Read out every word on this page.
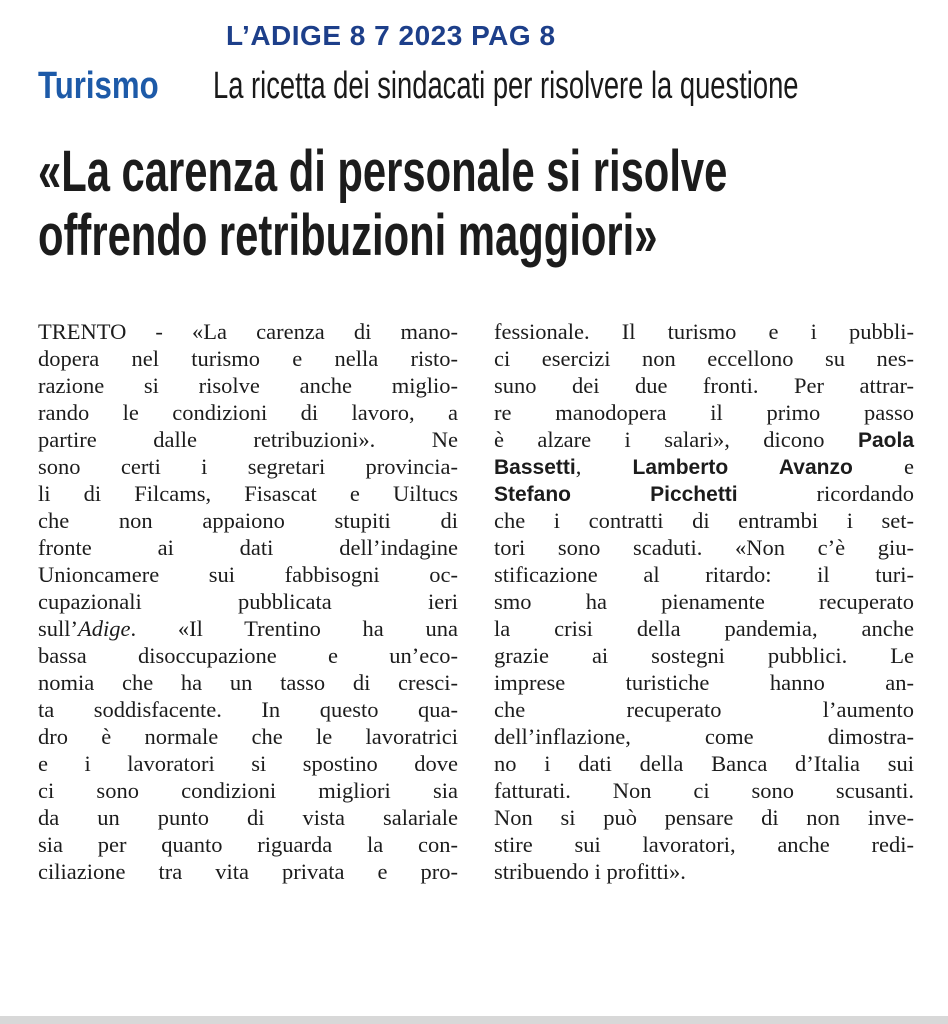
L’ADIGE 8 7 2023 PAG 8
Turismo La ricetta dei sindacati per risolvere la questione
«La carenza di personale si risolve
offrendo retribuzioni maggiori»
TRENTO - «La carenza di mano-
dopera nel turismo e nella risto-
razione si risolve anche miglio-
rando le condizioni di lavoro, a
partire dalle retribuzioni». Ne
sono certi i segretari provincia-
li di Filcams, Fisascat e Uiltucs
che non appaiono stupiti di
fronte ai dati dell’indagine
Unioncamere sui fabbisogni oc-
cupazionali pubblicata ieri
sull’Adige. «Il Trentino ha una
bassa disoccupazione e un’eco-
nomia che ha un tasso di cresci-
ta soddisfacente. In questo qua-
dro è normale che le lavoratrici
e i lavoratori si spostino dove
ci sono condizioni migliori sia
da un punto di vista salariale
sia per quanto riguarda la con-
ciliazione tra vita privata e pro-
fessionale. Il turismo e i pubbli-
ci esercizi non eccellono su nes-
suno dei due fronti. Per attrar-
re manodopera il primo passo
è alzare i salari», dicono Paola
Bassetti, Lamberto Avanzo e
Stefano Picchetti ricordando
che i contratti di entrambi i set-
tori sono scaduti. «Non c’è giu-
stificazione al ritardo: il turi-
smo ha pienamente recuperato
la crisi della pandemia, anche
grazie ai sostegni pubblici. Le
imprese turistiche hanno an-
che recuperato l’aumento
dell’inflazione, come dimostra-
no i dati della Banca d’Italia sui
fatturati. Non ci sono scusanti.
Non si può pensare di non inve-
stire sui lavoratori, anche redi-
stribuendo i profitti».
